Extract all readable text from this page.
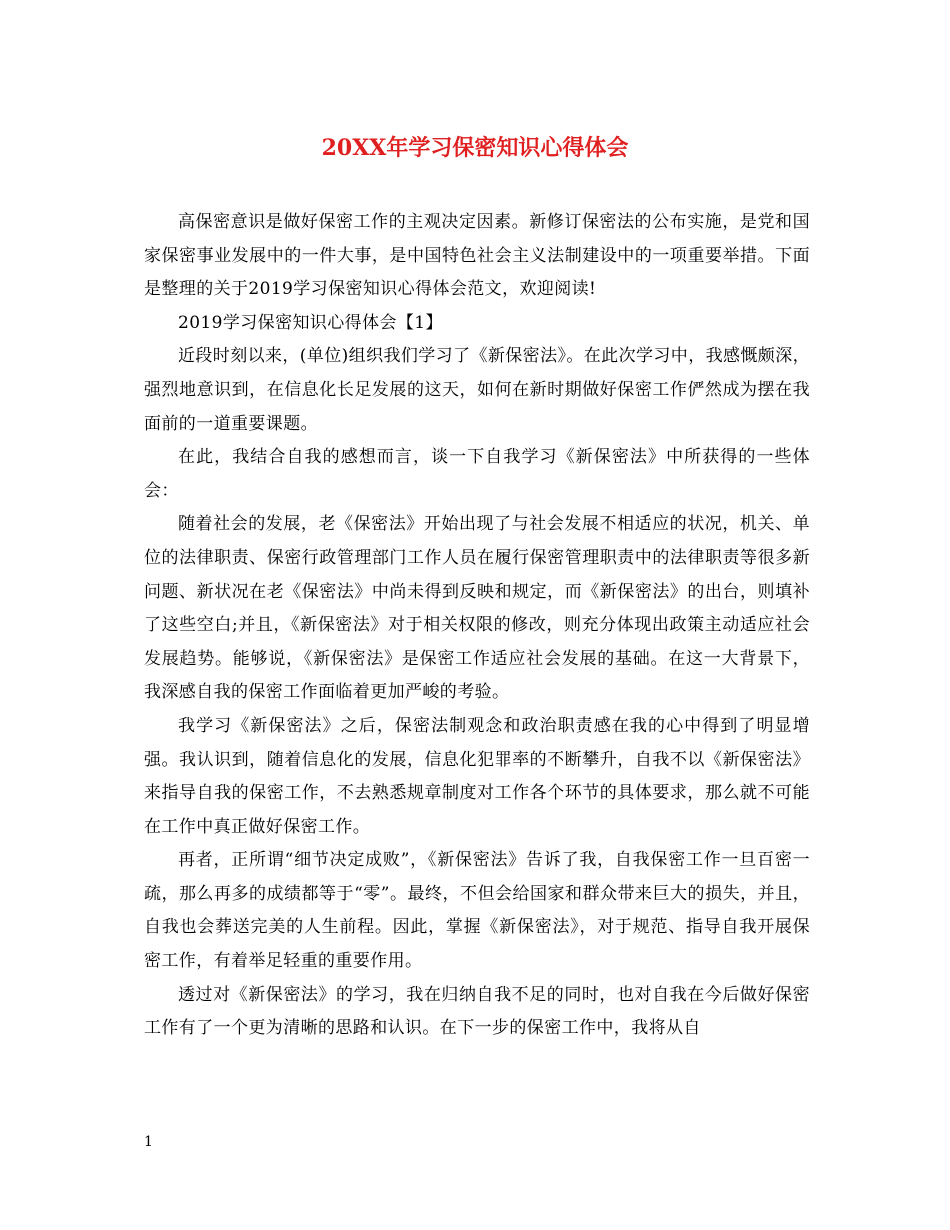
20XX年学习保密知识心得体会

高保密意识是做好保密工作的主观决定因素。新修订保密法的公布实施，是党和国家保密事业发展中的一件大事，是中国特色社会主义法制建设中的一项重要举措。下面是整理的关于2019学习保密知识心得体会范文，欢迎阅读!

2019学习保密知识心得体会【1】

近段时刻以来，(单位)组织我们学习了《新保密法》。在此次学习中，我感慨颇深，强烈地意识到，在信息化长足发展的这天，如何在新时期做好保密工作俨然成为摆在我面前的一道重要课题。

在此，我结合自我的感想而言，谈一下自我学习《新保密法》中所获得的一些体会：

随着社会的发展，老《保密法》开始出现了与社会发展不相适应的状况，机关、单位的法律职责、保密行政管理部门工作人员在履行保密管理职责中的法律职责等很多新问题、新状况在老《保密法》中尚未得到反映和规定，而《新保密法》的出台，则填补了这些空白;并且，《新保密法》对于相关权限的修改，则充分体现出政策主动适应社会发展趋势。能够说，《新保密法》是保密工作适应社会发展的基础。在这一大背景下，我深感自我的保密工作面临着更加严峻的考验。

我学习《新保密法》之后，保密法制观念和政治职责感在我的心中得到了明显增强。我认识到，随着信息化的发展，信息化犯罪率的不断攀升，自我不以《新保密法》来指导自我的保密工作，不去熟悉规章制度对工作各个环节的具体要求，那么就不可能在工作中真正做好保密工作。

再者，正所谓“细节决定成败”，《新保密法》告诉了我，自我保密工作一旦百密一疏，那么再多的成绩都等于“零”。最终，不但会给国家和群众带来巨大的损失，并且，自我也会葬送完美的人生前程。因此，掌握《新保密法》，对于规范、指导自我开展保密工作，有着举足轻重的重要作用。

透过对《新保密法》的学习，我在归纳自我不足的同时，也对自我在今后做好保密工作有了一个更为清晰的思路和认识。在下一步的保密工作中，我将从自

1
